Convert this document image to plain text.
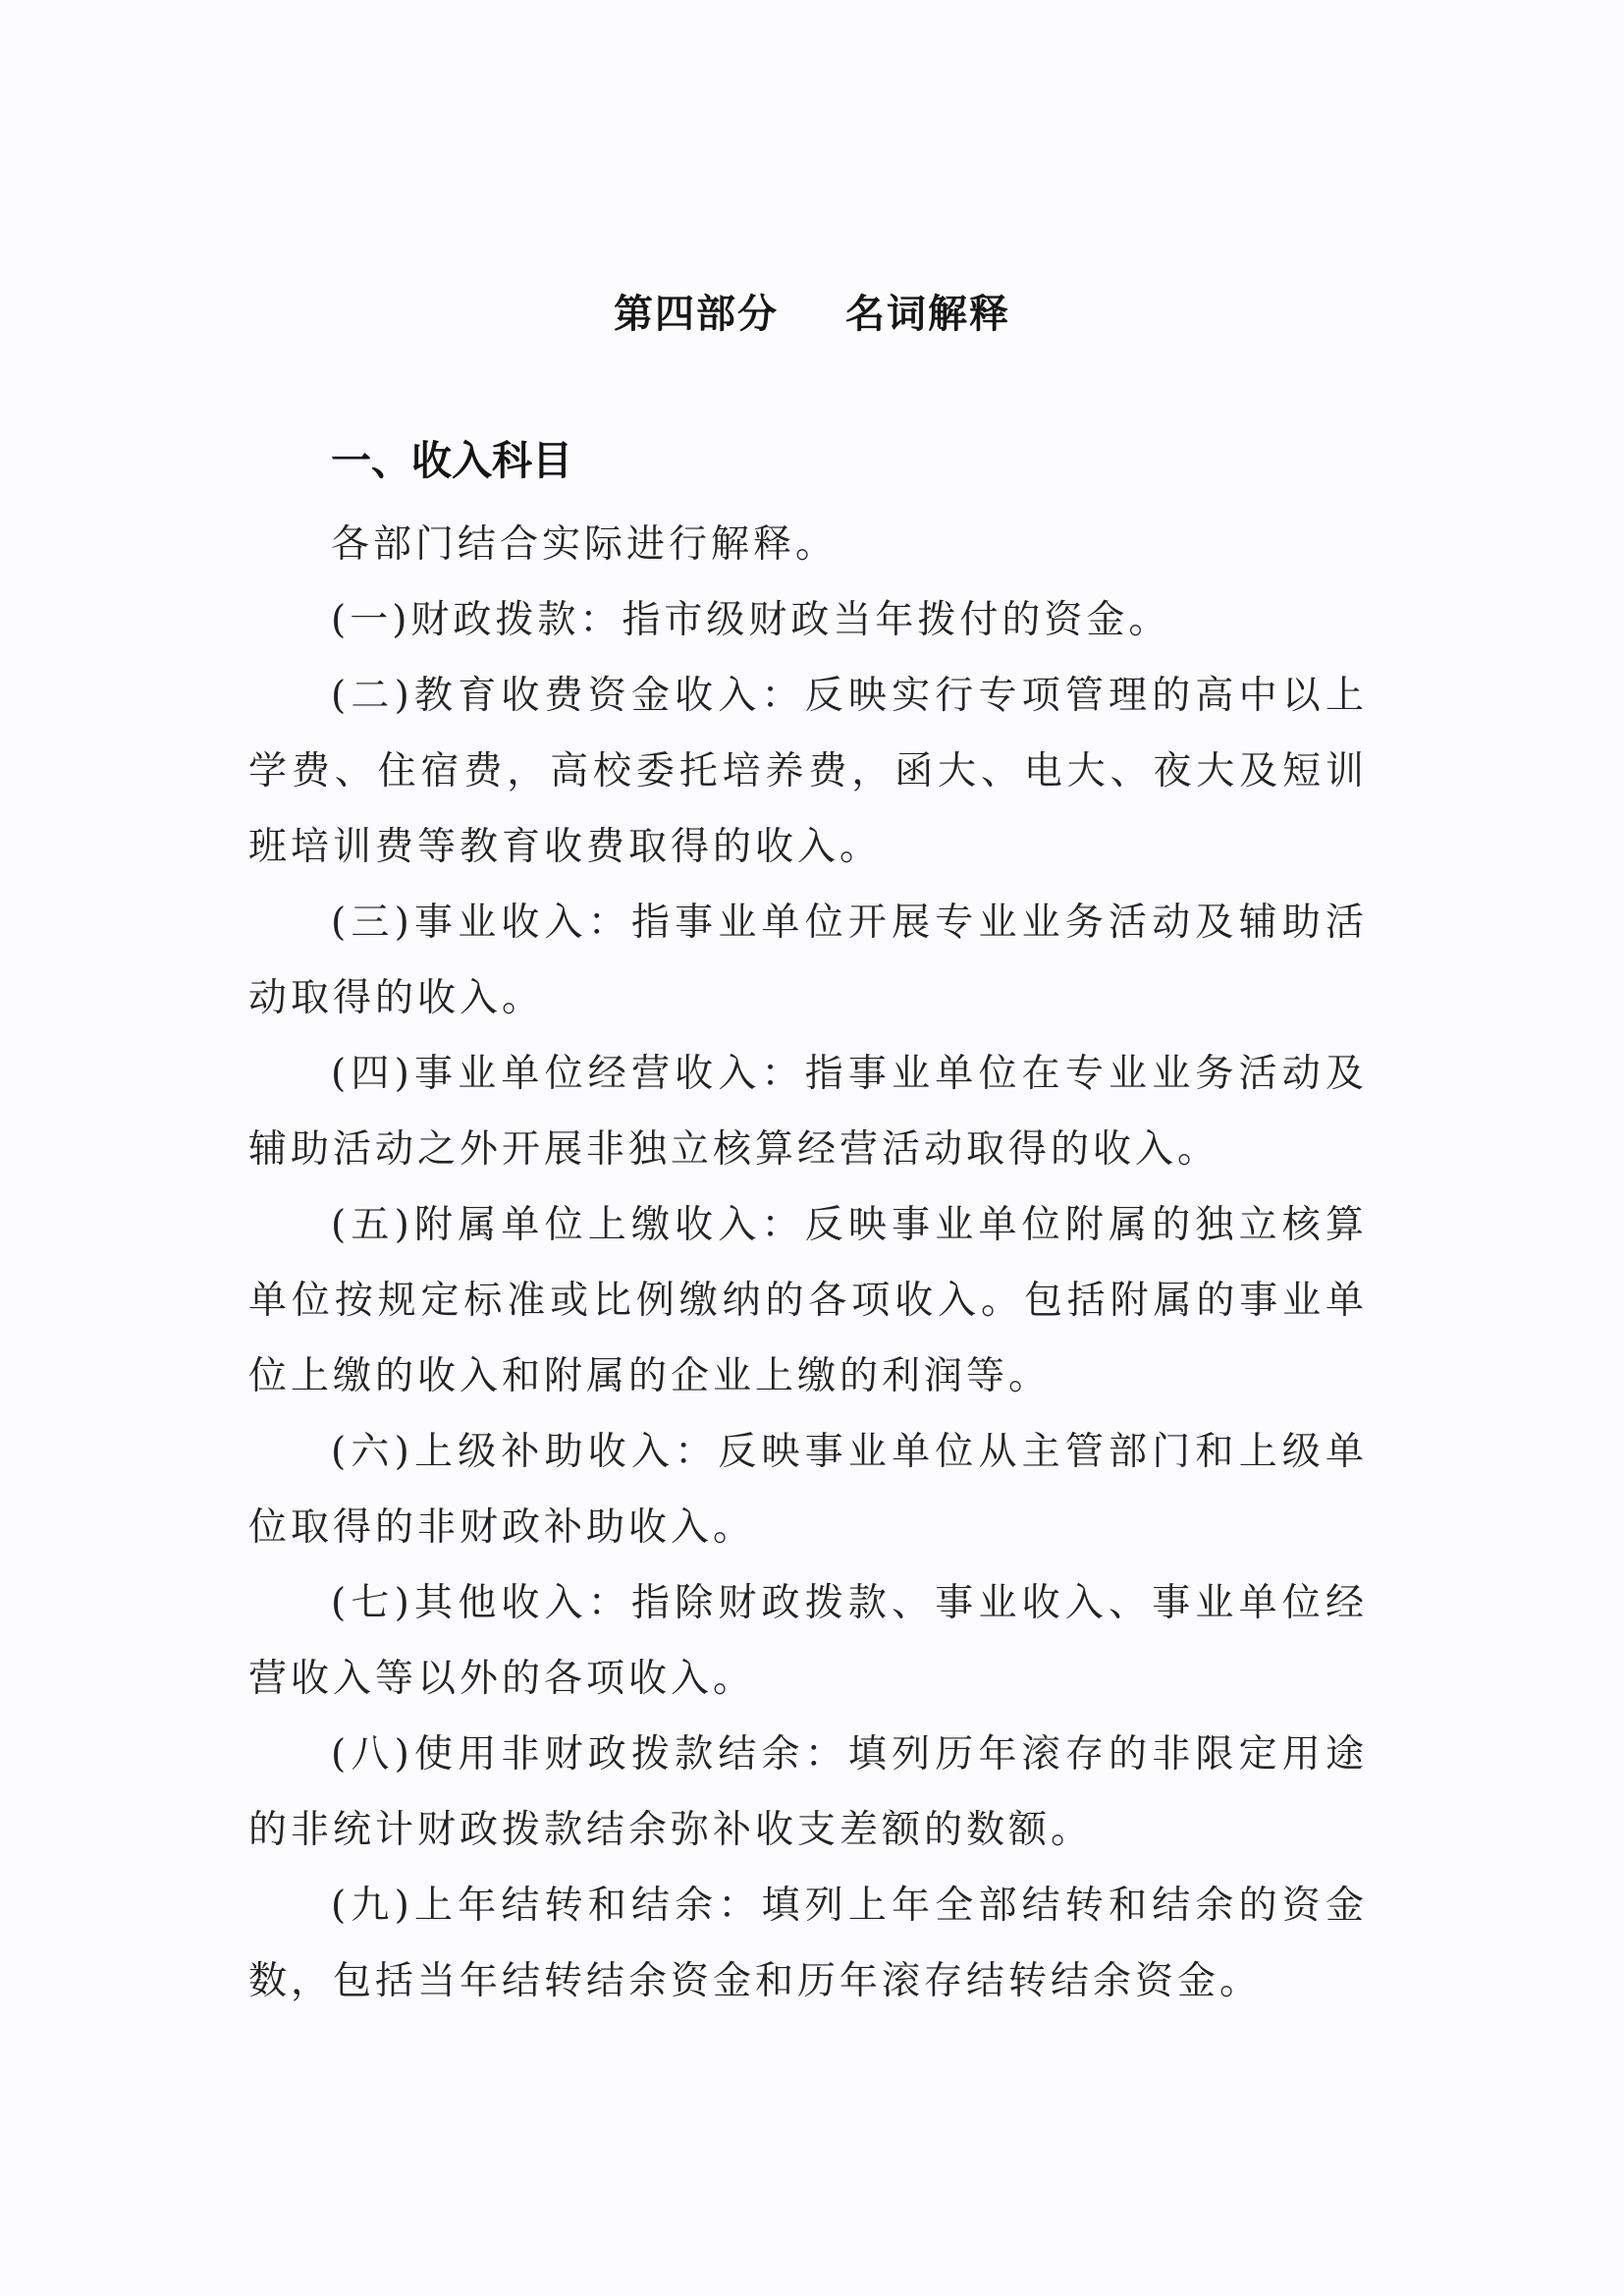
第四部分 名词解释
一、收入科目

各部门结合实际进行解释。

(一)财政拨款：指市级财政当年拨付的资金。

(二)教育收费资金收入：反映实行专项管理的高中以上学费、住宿费，高校委托培养费，函大、电大、夜大及短训班培训费等教育收费取得的收入。

(三)事业收入：指事业单位开展专业业务活动及辅助活动取得的收入。

(四)事业单位经营收入：指事业单位在专业业务活动及辅助活动之外开展非独立核算经营活动取得的收入。

(五)附属单位上缴收入：反映事业单位附属的独立核算单位按规定标准或比例缴纳的各项收入。包括附属的事业单位上缴的收入和附属的企业上缴的利润等。

(六)上级补助收入：反映事业单位从主管部门和上级单位取得的非财政补助收入。

(七)其他收入：指除财政拨款、事业收入、事业单位经营收入等以外的各项收入。

(八)使用非财政拨款结余：填列历年滚存的非限定用途的非统计财政拨款结余弥补收支差额的数额。

(九)上年结转和结余：填列上年全部结转和结余的资金数，包括当年结转结余资金和历年滚存结转结余资金。
